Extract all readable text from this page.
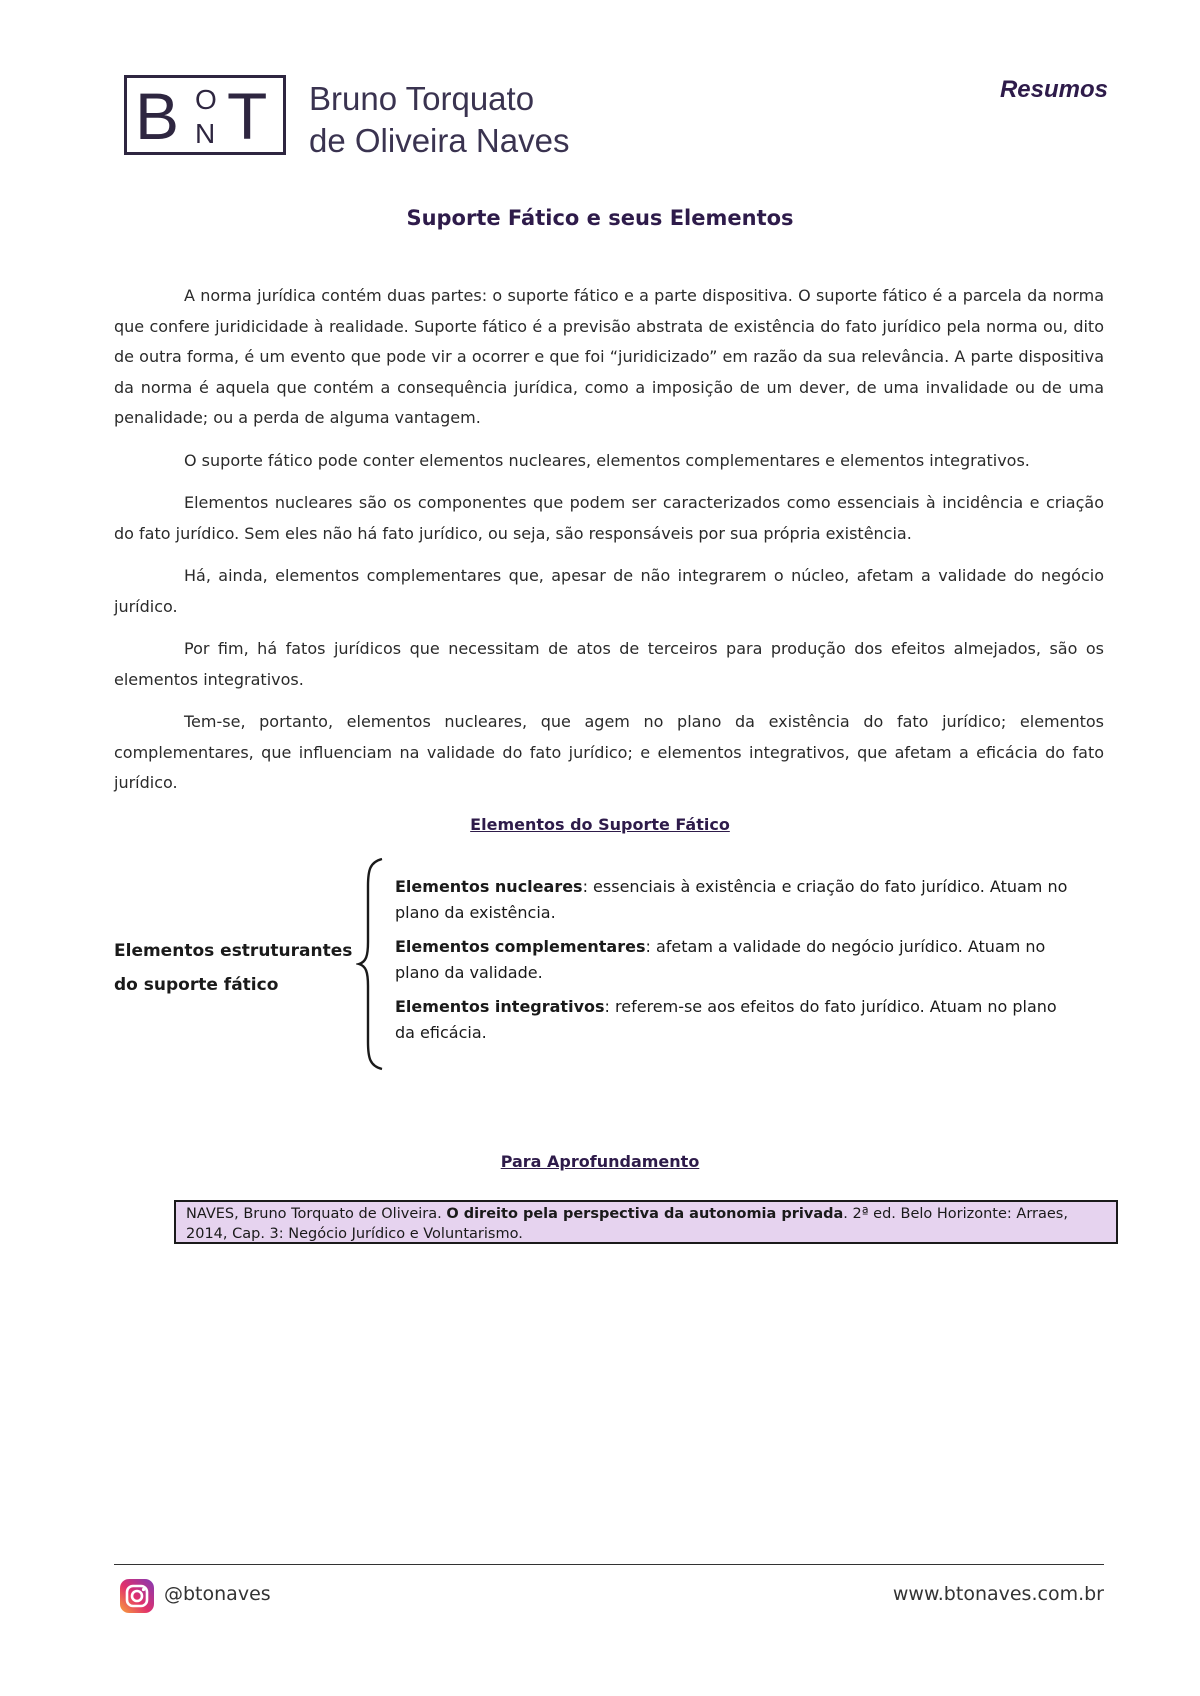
B O
N T Bruno Torquato
de Oliveira Naves
Resumos
Suporte Fático e seus Elementos

A norma jurídica contém duas partes: o suporte fático e a parte dispositiva. O suporte fático é a parcela da norma que confere juridicidade à realidade. Suporte fático é a previsão abstrata de existência do fato jurídico pela norma ou, dito de outra forma, é um evento que pode vir a ocorrer e que foi “juridicizado” em razão da sua relevância. A parte dispositiva da norma é aquela que contém a consequência jurídica, como a imposição de um dever, de uma invalidade ou de uma penalidade; ou a perda de alguma vantagem.

O suporte fático pode conter elementos nucleares, elementos complementares e elementos integrativos.

Elementos nucleares são os componentes que podem ser caracterizados como essenciais à incidência e criação do fato jurídico. Sem eles não há fato jurídico, ou seja, são responsáveis por sua própria existência.

Há, ainda, elementos complementares que, apesar de não integrarem o núcleo, afetam a validade do negócio jurídico.

Por fim, há fatos jurídicos que necessitam de atos de terceiros para produção dos efeitos almejados, são os elementos integrativos.

Tem-se, portanto, elementos nucleares, que agem no plano da existência do fato jurídico; elementos complementares, que influenciam na validade do fato jurídico; e elementos integrativos, que afetam a eficácia do fato jurídico.

Elementos do Suporte Fático
Elementos estruturantes do suporte fático
Elementos nucleares: essenciais à existência e criação do fato jurídico. Atuam no plano da existência.
Elementos complementares: afetam a validade do negócio jurídico. Atuam no plano da validade.
Elementos integrativos: referem-se aos efeitos do fato jurídico. Atuam no plano da eficácia.
Para Aprofundamento
NAVES, Bruno Torquato de Oliveira. O direito pela perspectiva da autonomia privada. 2ª ed. Belo Horizonte: Arraes, 2014, Cap. 3: Negócio Jurídico e Voluntarismo.
@btonaves	www.btonaves.com.br
